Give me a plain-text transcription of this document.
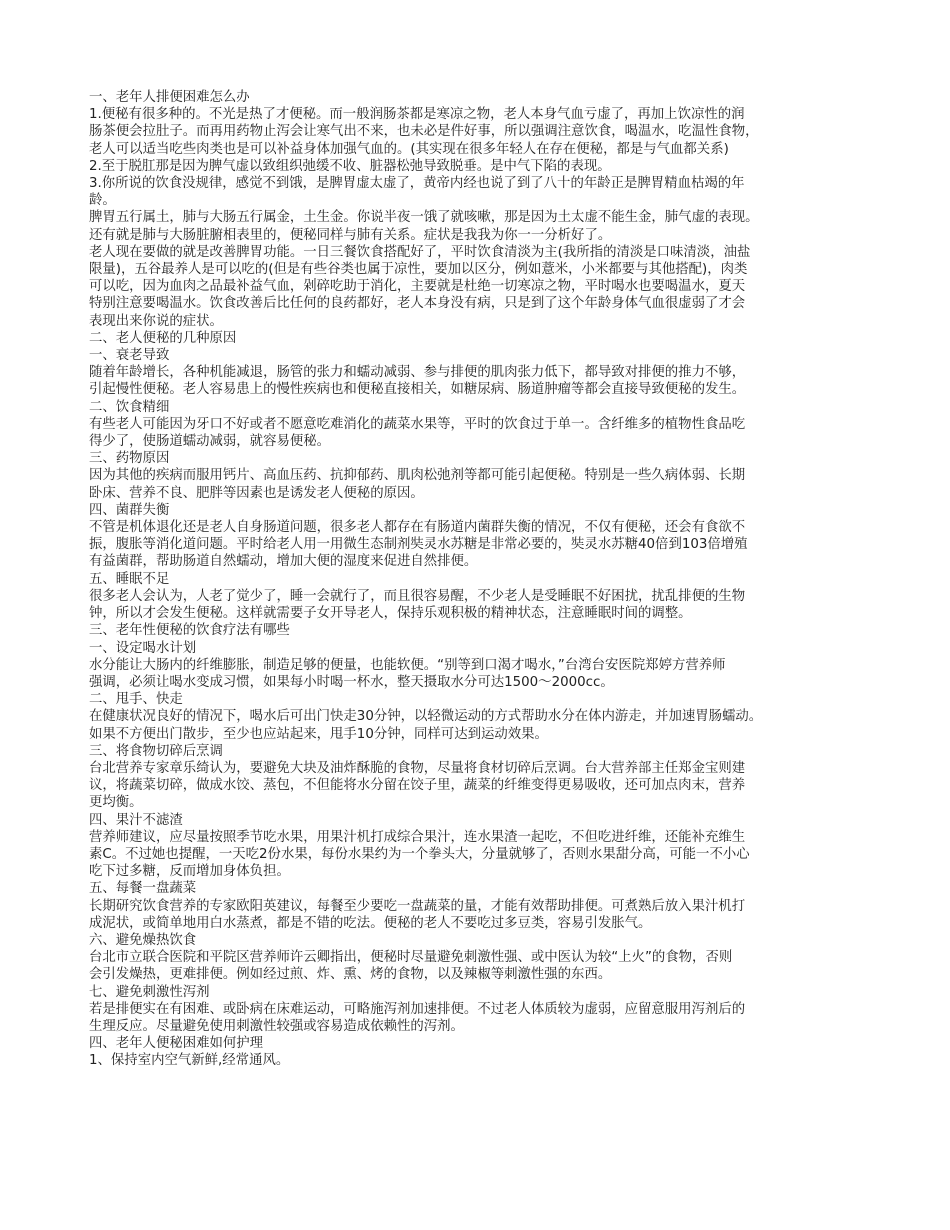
一、老年人排便困难怎么办

1.便秘有很多种的。不光是热了才便秘。而一般润肠茶都是寒凉之物，老人本身气血亏虚了，再加上饮凉性的润

肠茶便会拉肚子。而再用药物止泻会让寒气出不来，也未必是件好事，所以强调注意饮食，喝温水，吃温性食物，

老人可以适当吃些肉类也是可以补益身体加强气血的。(其实现在很多年轻人在存在便秘，都是与气血都关系)

2.至于脱肛那是因为脾气虚以致组织弛缓不收、脏器松弛导致脱垂。是中气下陷的表现。

3.你所说的饮食没规律，感觉不到饿，是脾胃虚太虚了，黄帝内经也说了到了八十的年龄正是脾胃精血枯竭的年

龄。

脾胃五行属土，肺与大肠五行属金，土生金。你说半夜一饿了就咳嗽，那是因为土太虚不能生金，肺气虚的表现。

还有就是肺与大肠脏腑相表里的，便秘同样与肺有关系。症状是我我为你一一分析好了。

老人现在要做的就是改善脾胃功能。一日三餐饮食搭配好了，平时饮食清淡为主(我所指的清淡是口味清淡，油盐

限量)，五谷最养人是可以吃的(但是有些谷类也属于凉性，要加以区分，例如薏米，小米都要与其他搭配)，肉类

可以吃，因为血肉之品最补益气血，剁碎吃助于消化，主要就是杜绝一切寒凉之物，平时喝水也要喝温水，夏天

特别注意要喝温水。饮食改善后比任何的良药都好，老人本身没有病，只是到了这个年龄身体气血很虚弱了才会

表现出来你说的症状。

二、老人便秘的几种原因

一、衰老导致

随着年龄增长，各种机能减退，肠管的张力和蠕动减弱、参与排便的肌肉张力低下，都导致对排便的推力不够，

引起慢性便秘。老人容易患上的慢性疾病也和便秘直接相关，如糖尿病、肠道肿瘤等都会直接导致便秘的发生。

二、饮食精细

有些老人可能因为牙口不好或者不愿意吃难消化的蔬菜水果等，平时的饮食过于单一。含纤维多的植物性食品吃

得少了，使肠道蠕动减弱，就容易便秘。

三、药物原因

因为其他的疾病而服用钙片、高血压药、抗抑郁药、肌肉松弛剂等都可能引起便秘。特别是一些久病体弱、长期

卧床、营养不良、肥胖等因素也是诱发老人便秘的原因。

四、菌群失衡

不管是机体退化还是老人自身肠道问题，很多老人都存在有肠道内菌群失衡的情况，不仅有便秘，还会有食欲不

振，腹胀等消化道问题。平时给老人用一用微生态制剂奘灵水苏糖是非常必要的，奘灵水苏糖40倍到103倍增殖

有益菌群，帮助肠道自然蠕动，增加大便的湿度来促进自然排便。

五、睡眠不足

很多老人会认为，人老了觉少了，睡一会就行了，而且很容易醒，不少老人是受睡眠不好困扰，扰乱排便的生物

钟，所以才会发生便秘。这样就需要子女开导老人，保持乐观积极的精神状态，注意睡眠时间的调整。

三、老年性便秘的饮食疗法有哪些

一、设定喝水计划

水分能让大肠内的纤维膨胀，制造足够的便量，也能软便。“别等到口渴才喝水，”台湾台安医院郑婷方营养师

强调，必须让喝水变成习惯，如果每小时喝一杯水，整天摄取水分可达1500～2000cc。

二、甩手、快走

在健康状况良好的情况下，喝水后可出门快走30分钟，以轻微运动的方式帮助水分在体内游走，并加速胃肠蠕动。

如果不方便出门散步，至少也应站起来，甩手10分钟，同样可达到运动效果。

三、将食物切碎后烹调

台北营养专家章乐绮认为，要避免大块及油炸酥脆的食物，尽量将食材切碎后烹调。台大营养部主任郑金宝则建

议，将蔬菜切碎，做成水饺、蒸包，不但能将水分留在饺子里，蔬菜的纤维变得更易吸收，还可加点肉末，营养

更均衡。

四、果汁不滤渣

营养师建议，应尽量按照季节吃水果，用果汁机打成综合果汁，连水果渣一起吃，不但吃进纤维，还能补充维生

素C。不过她也提醒，一天吃2份水果，每份水果约为一个拳头大，分量就够了，否则水果甜分高，可能一不小心

吃下过多糖，反而增加身体负担。

五、每餐一盘蔬菜

长期研究饮食营养的专家欧阳英建议，每餐至少要吃一盘蔬菜的量，才能有效帮助排便。可煮熟后放入果汁机打

成泥状，或简单地用白水蒸煮，都是不错的吃法。便秘的老人不要吃过多豆类，容易引发胀气。

六、避免燥热饮食

台北市立联合医院和平院区营养师许云卿指出，便秘时尽量避免刺激性强、或中医认为较“上火”的食物，否则

会引发燥热，更难排便。例如经过煎、炸、熏、烤的食物，以及辣椒等刺激性强的东西。

七、避免刺激性泻剂

若是排便实在有困难、或卧病在床难运动，可略施泻剂加速排便。不过老人体质较为虚弱，应留意服用泻剂后的

生理反应。尽量避免使用刺激性较强或容易造成依赖性的泻剂。

四、老年人便秘困难如何护理

1、保持室内空气新鲜,经常通风。
